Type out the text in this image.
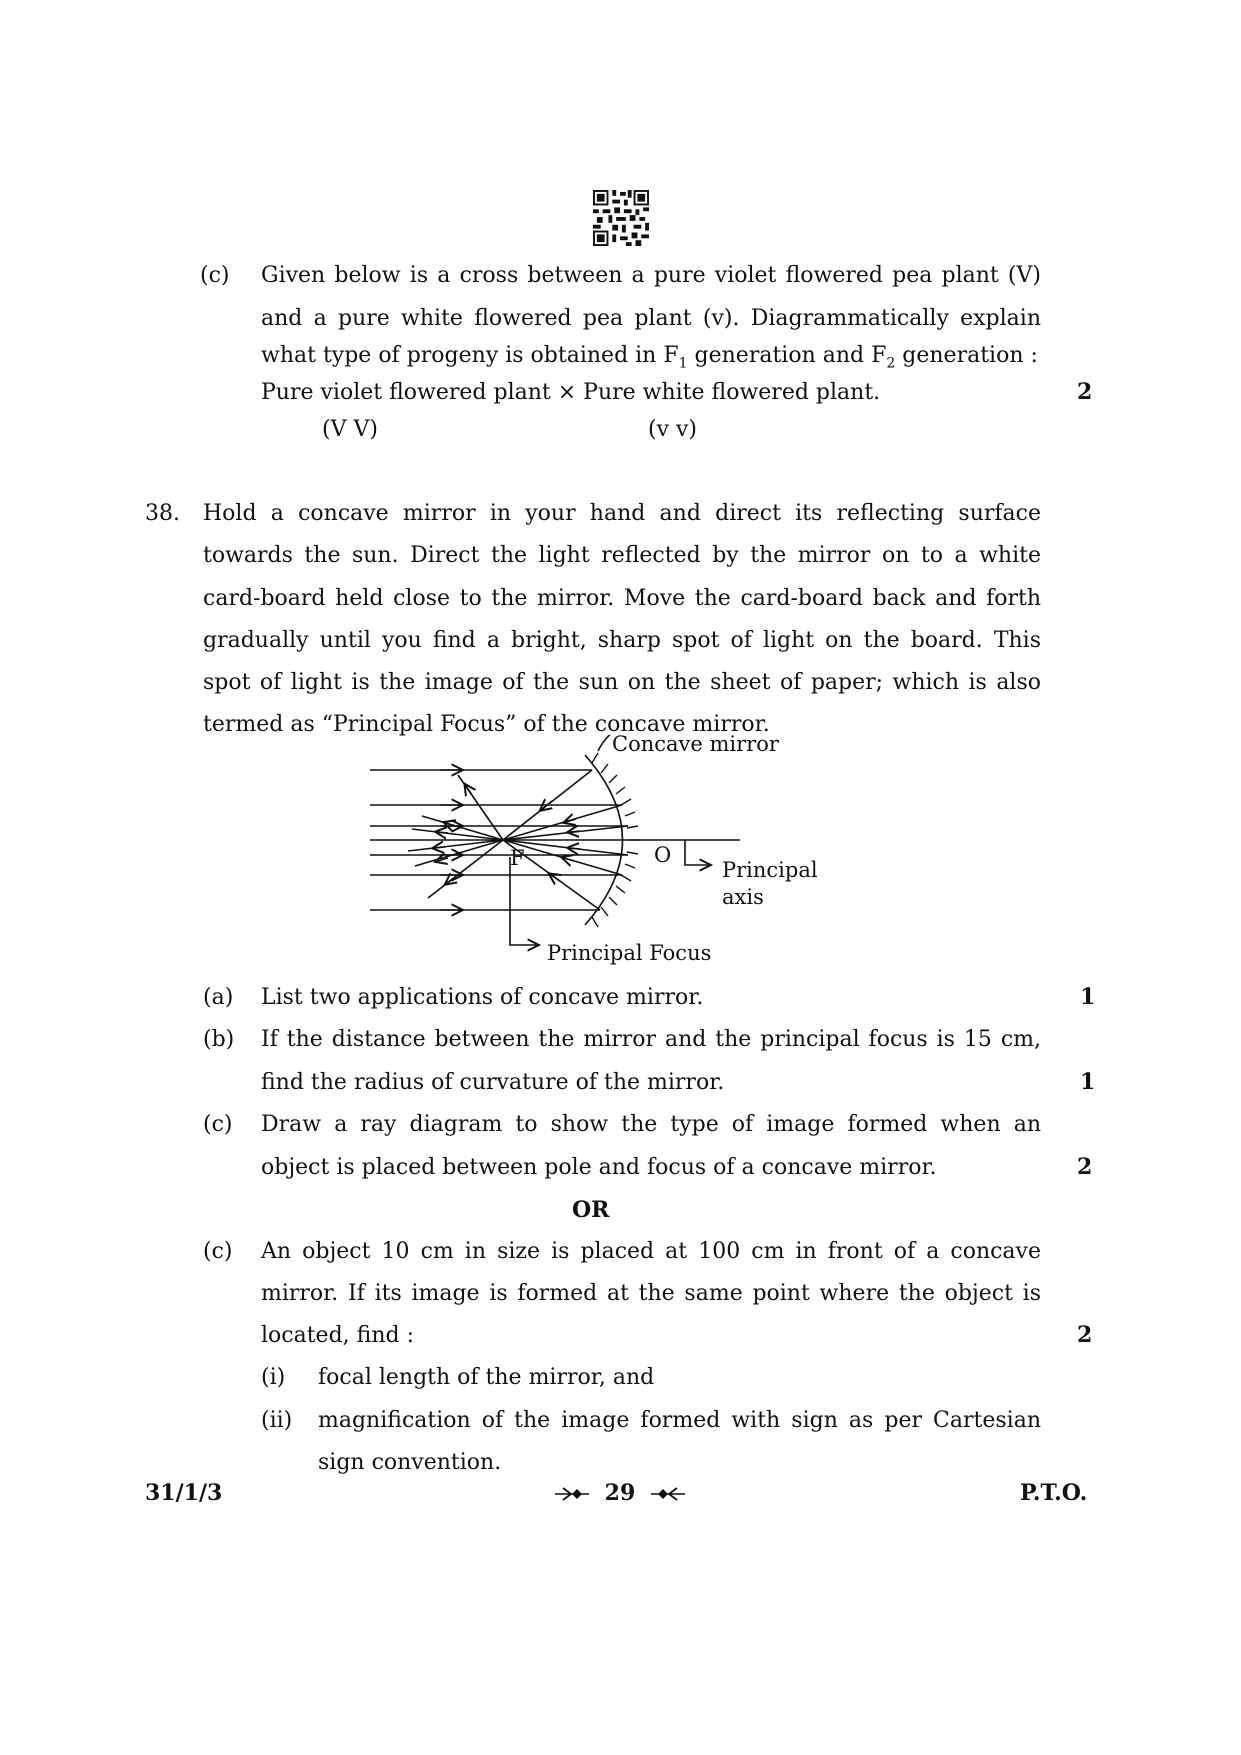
(c) Given below is a cross between a pure violet flowered pea plant (V)
and a pure white flowered pea plant (v). Diagrammatically explain
what type of progeny is obtained in $F_1$ generation and $F_2$ generation :
Pure violet flowered plant × Pure white flowered plant.	2
(V V)	(v v)
38. Hold a concave mirror in your hand and direct its reflecting surface
towards the sun. Direct the light reflected by the mirror on to a white
card-board held close to the mirror. Move the card-board back and forth
gradually until you find a bright, sharp spot of light on the board. This
spot of light is the image of the sun on the sheet of paper; which is also
termed as “Principal Focus” of the concave mirror.
Concave mirror
F	O
Principal
axis
Principal Focus
(a) List two applications of concave mirror.	1
(b) If the distance between the mirror and the principal focus is 15 cm,
find the radius of curvature of the mirror.	1
(c) Draw a ray diagram to show the type of image formed when an
object is placed between pole and focus of a concave mirror.	2
OR
(c) An object 10 cm in size is placed at 100 cm in front of a concave
mirror. If its image is formed at the same point where the object is
located, find :	2
(i) focal length of the mirror, and
(ii) magnification of the image formed with sign as per Cartesian
sign convention.
31/1/3	29	P.T.O.
